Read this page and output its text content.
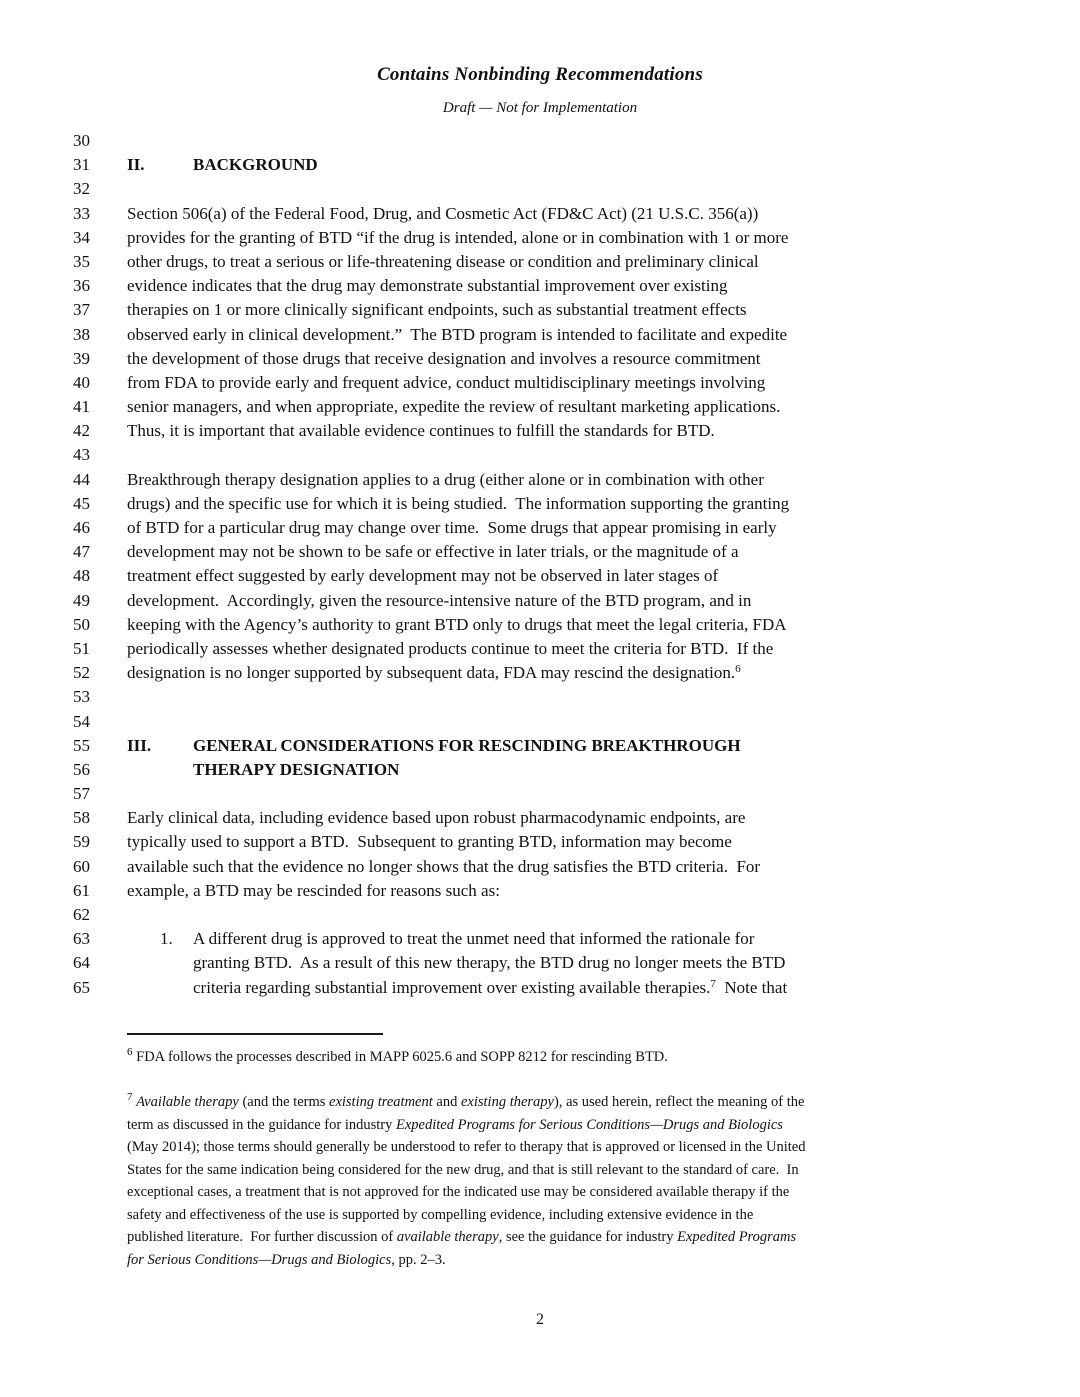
Contains Nonbinding Recommendations
Draft — Not for Implementation
30
31 II.	BACKGROUND
32
33 Section 506(a) of the Federal Food, Drug, and Cosmetic Act (FD&C Act) (21 U.S.C. 356(a))
34 provides for the granting of BTD “if the drug is intended, alone or in combination with 1 or more
35 other drugs, to treat a serious or life-threatening disease or condition and preliminary clinical
36 evidence indicates that the drug may demonstrate substantial improvement over existing
37 therapies on 1 or more clinically significant endpoints, such as substantial treatment effects
38 observed early in clinical development.”  The BTD program is intended to facilitate and expedite
39 the development of those drugs that receive designation and involves a resource commitment
40 from FDA to provide early and frequent advice, conduct multidisciplinary meetings involving
41 senior managers, and when appropriate, expedite the review of resultant marketing applications.
42 Thus, it is important that available evidence continues to fulfill the standards for BTD.
43
44 Breakthrough therapy designation applies to a drug (either alone or in combination with other
45 drugs) and the specific use for which it is being studied.  The information supporting the granting
46 of BTD for a particular drug may change over time.  Some drugs that appear promising in early
47 development may not be shown to be safe or effective in later trials, or the magnitude of a
48 treatment effect suggested by early development may not be observed in later stages of
49 development.  Accordingly, given the resource-intensive nature of the BTD program, and in
50 keeping with the Agency’s authority to grant BTD only to drugs that meet the legal criteria, FDA
51 periodically assesses whether designated products continue to meet the criteria for BTD.  If the
52 designation is no longer supported by subsequent data, FDA may rescind the designation.$^6$
53
54
55 III. GENERAL CONSIDERATIONS FOR RESCINDING BREAKTHROUGH
56	THERAPY DESIGNATION
57
58 Early clinical data, including evidence based upon robust pharmacodynamic endpoints, are
59 typically used to support a BTD.  Subsequent to granting BTD, information may become
60 available such that the evidence no longer shows that the drug satisfies the BTD criteria.  For
61 example, a BTD may be rescinded for reasons such as:
62
63	1. A different drug is approved to treat the unmet need that informed the rationale for
64	granting BTD.  As a result of this new therapy, the BTD drug no longer meets the BTD
65	criteria regarding substantial improvement over existing available therapies.$^7$  Note that
$^6$ FDA follows the processes described in MAPP 6025.6 and SOPP 8212 for rescinding BTD.
$^7$ Available therapy (and the terms existing treatment and existing therapy), as used herein, reflect the meaning of the
term as discussed in the guidance for industry Expedited Programs for Serious Conditions—Drugs and Biologics
(May 2014); those terms should generally be understood to refer to therapy that is approved or licensed in the United
States for the same indication being considered for the new drug, and that is still relevant to the standard of care.  In
exceptional cases, a treatment that is not approved for the indicated use may be considered available therapy if the
safety and effectiveness of the use is supported by compelling evidence, including extensive evidence in the
published literature.  For further discussion of available therapy, see the guidance for industry Expedited Programs
for Serious Conditions—Drugs and Biologics, pp. 2–3.
2
